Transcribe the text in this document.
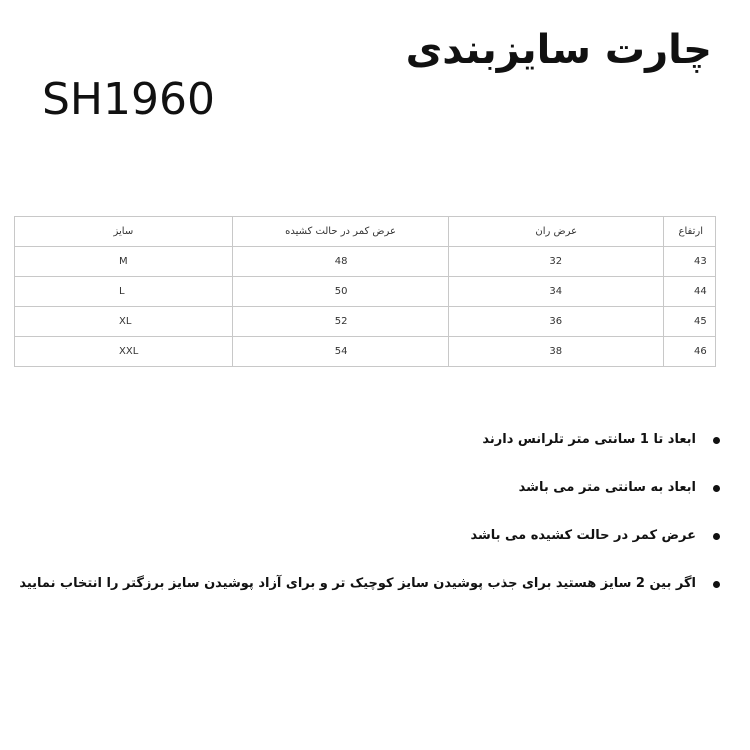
چارت سایزبندی
SH1960
ارتفاع	عرض ران	عرض کمر در حالت کشیده	سایز
43	32	48	M
44	34	50	L
45	36	52	XL
46	38	54	XXL
ابعاد تا 1 سانتی متر تلرانس دارند
ابعاد به سانتی متر می باشد
عرض کمر در حالت کشیده می باشد
اگر بین 2 سایز هستید برای جذب پوشیدن سایز کوچیک تر و برای آزاد پوشیدن سایز برزگتر را انتخاب نمایید
